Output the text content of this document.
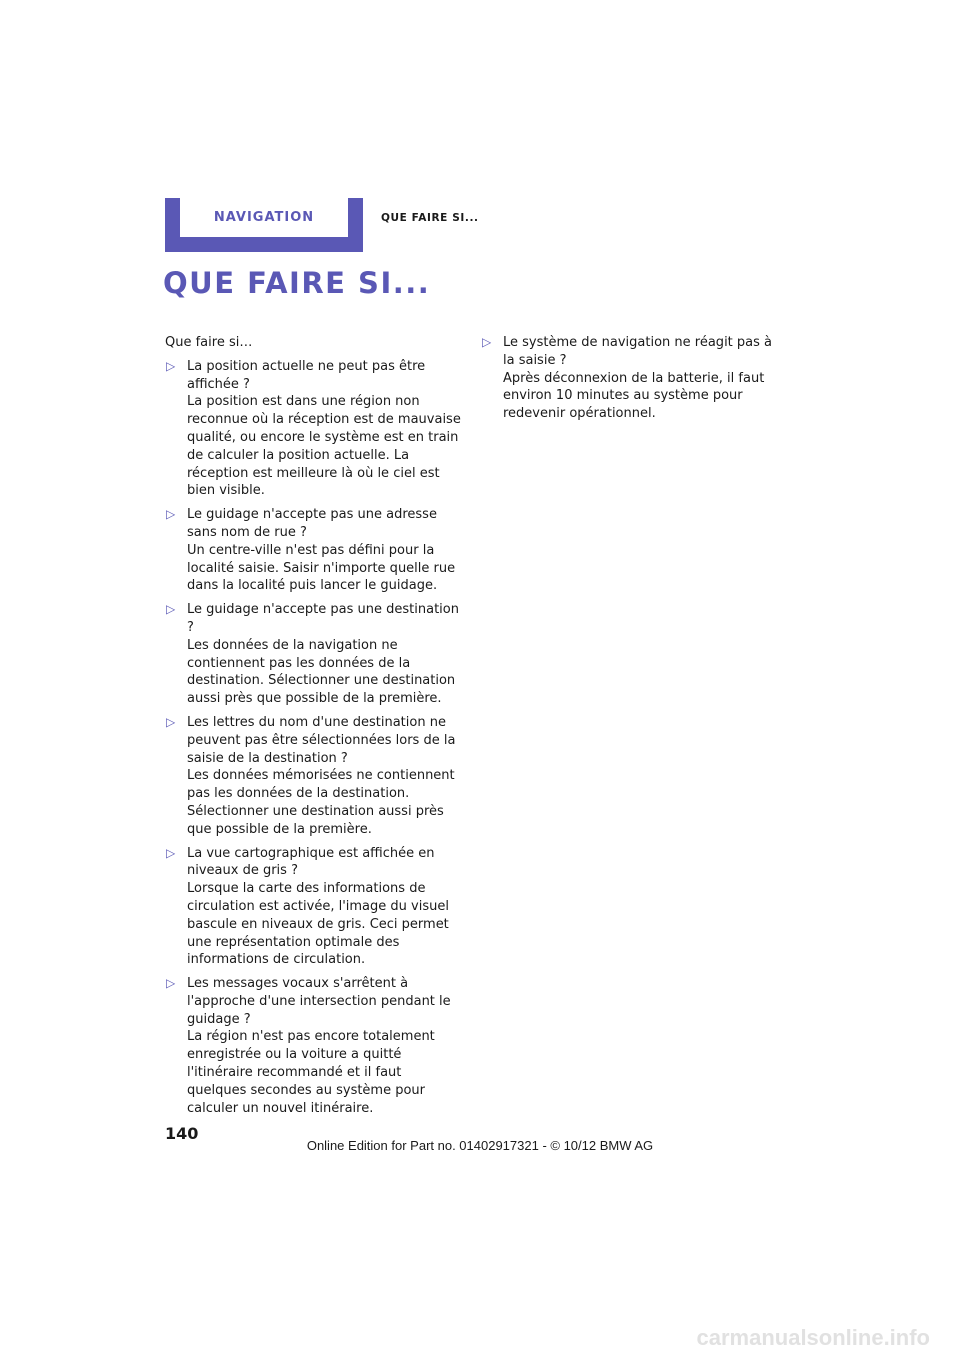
NAVIGATION	QUE FAIRE SI...
QUE FAIRE SI...

Que faire si…

▷ La position actuelle ne peut pas être affichée ?

La position est dans une région non reconnue où la réception est de mauvaise qualité, ou encore le système est en train de calculer la position actuelle. La réception est meilleure là où le ciel est bien visible.

▷ Le guidage n'accepte pas une adresse sans nom de rue ?

Un centre-ville n'est pas défini pour la localité saisie. Saisir n'importe quelle rue dans la localité puis lancer le guidage.

▷ Le guidage n'accepte pas une destination ?

Les données de la navigation ne contiennent pas les données de la destination. Sélectionner une destination aussi près que possible de la première.

▷ Les lettres du nom d'une destination ne peuvent pas être sélectionnées lors de la saisie de la destination ?

Les données mémorisées ne contiennent pas les données de la destination. Sélectionner une destination aussi près que possible de la première.

▷ La vue cartographique est affichée en niveaux de gris ?

Lorsque la carte des informations de circulation est activée, l'image du visuel bascule en niveaux de gris. Ceci permet une représentation optimale des informations de circulation.

▷ Les messages vocaux s'arrêtent à l'approche d'une intersection pendant le guidage ?

La région n'est pas encore totalement enregistrée ou la voiture a quitté l'itinéraire recommandé et il faut quelques secondes au système pour calculer un nouvel itinéraire.

▷ Le système de navigation ne réagit pas à la saisie ?

Après déconnexion de la batterie, il faut environ 10 minutes au système pour redevenir opérationnel.

140
Online Edition for Part no. 01402917321 - © 10/12 BMW AG
carmanualsonline.info
